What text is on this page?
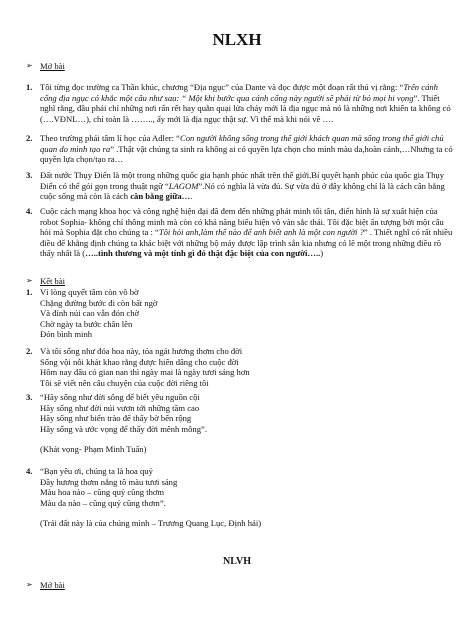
NLXH
➢ Mở bài
1. Tôi từng đọc trường ca Thần khúc, chương “Địa ngục” của Dante và đọc được một đoạn rất thú vị rằng: “Trên cánh cổng địa ngục có khắc một câu như sau: “ Một khi bước qua cánh cổng này người sẽ phải từ bỏ mọi hi vọng”. Thiết nghĩ rằng, đâu phải chỉ những nơi rấn rết hay quằn quại lửa cháy mới là địa ngục mà nó là những nơi khiến ta không có (….VĐNL…), chỉ toàn là …….., ấy mới là địa ngục thật sự. Vì thế mà khi nói về ….
2. Theo trường phái tâm lí học của Adler: “Con người không sống trong thế giới khách quan mà sống trong thế giới chủ quan do mình tạo ra” .Thật vật chúng ta sinh ra không ai có quyền lựa chọn cho mình màu da,hoàn cảnh,…Nhưng ta có quyền lựa chọn/tạo ra…
3. Đất nước Thụy Điển là một trong những quốc gia hạnh phúc nhất trên thế giới.Bí quyết hạnh phúc của quốc gia Thụy Điển có thể gói gọn trong thuật ngữ “LAGOM”.Nó có nghĩa là vừa đủ. Sự vừa đủ ở đây không chỉ là là cách cân bằng cuộc sống mà còn là cách cân bằng giữa….
4. Cuộc cách mạng khoa học và công nghệ hiện đại đã đem đến những phát minh tối tân, điển hình là sự xuất hiện của robot Sophia- không chỉ thông minh mà còn có khả năng biểu hiện vô vàn sắc thái. Tôi đặc biệt ấn tượng bởi một câu hỏi mà Sophia đặt cho chúng ta : “Tôi hỏi anh,làm thế nào để anh biết anh là một con người ?” . Thiết nghĩ có rất nhiều điều để khẳng định chúng ta khác biệt với những bộ máy được lập trình sẵn kia nhưng có lẽ một trong những điều rõ thấy nhất là (…..tình thương và một tính gì đó thật đặc biệt của con người…..)
➢ Kết bài
1. Vì lòng quyết tâm còn vô bờ
Chặng đường bước đi còn bất ngờ
Và đỉnh núi cao vẫn đón chờ
Chờ ngày ta bước chân lên
Đón bình minh
2. Và tôi sống như đóa hoa này, tỏa ngát hương thơm cho đời
Sống vội nỗi khát khao rằng được hiến dâng cho cuộc đời
Hôm nay đâu có gian nan thì ngày mai là ngày tươi sáng hơn
Tôi sẽ viết nên câu chuyện của cuộc đời riêng tôi
3. “Hãy sống như đời sông để biết yêu nguồn cội
Hãy sống như đời núi vươn tới những tầm cao
Hãy sống như biển trào để thấy bờ bến rộng
Hãy sống và ước vọng để thấy đời mênh mông”.
(Khát vọng- Phạm Minh Tuấn)
4. “Bạn yêu ơi, chúng ta là hoa quý
Đầy hương thơm nắng tô màu tươi sáng
Màu hoa nào – cũng quý cũng thơm
Màu da nào – cũng quý cũng thơm”.
(Trái đất này là của chúng mình – Trương Quang Lục, Định hải)
NLVH
➢ Mở bài
